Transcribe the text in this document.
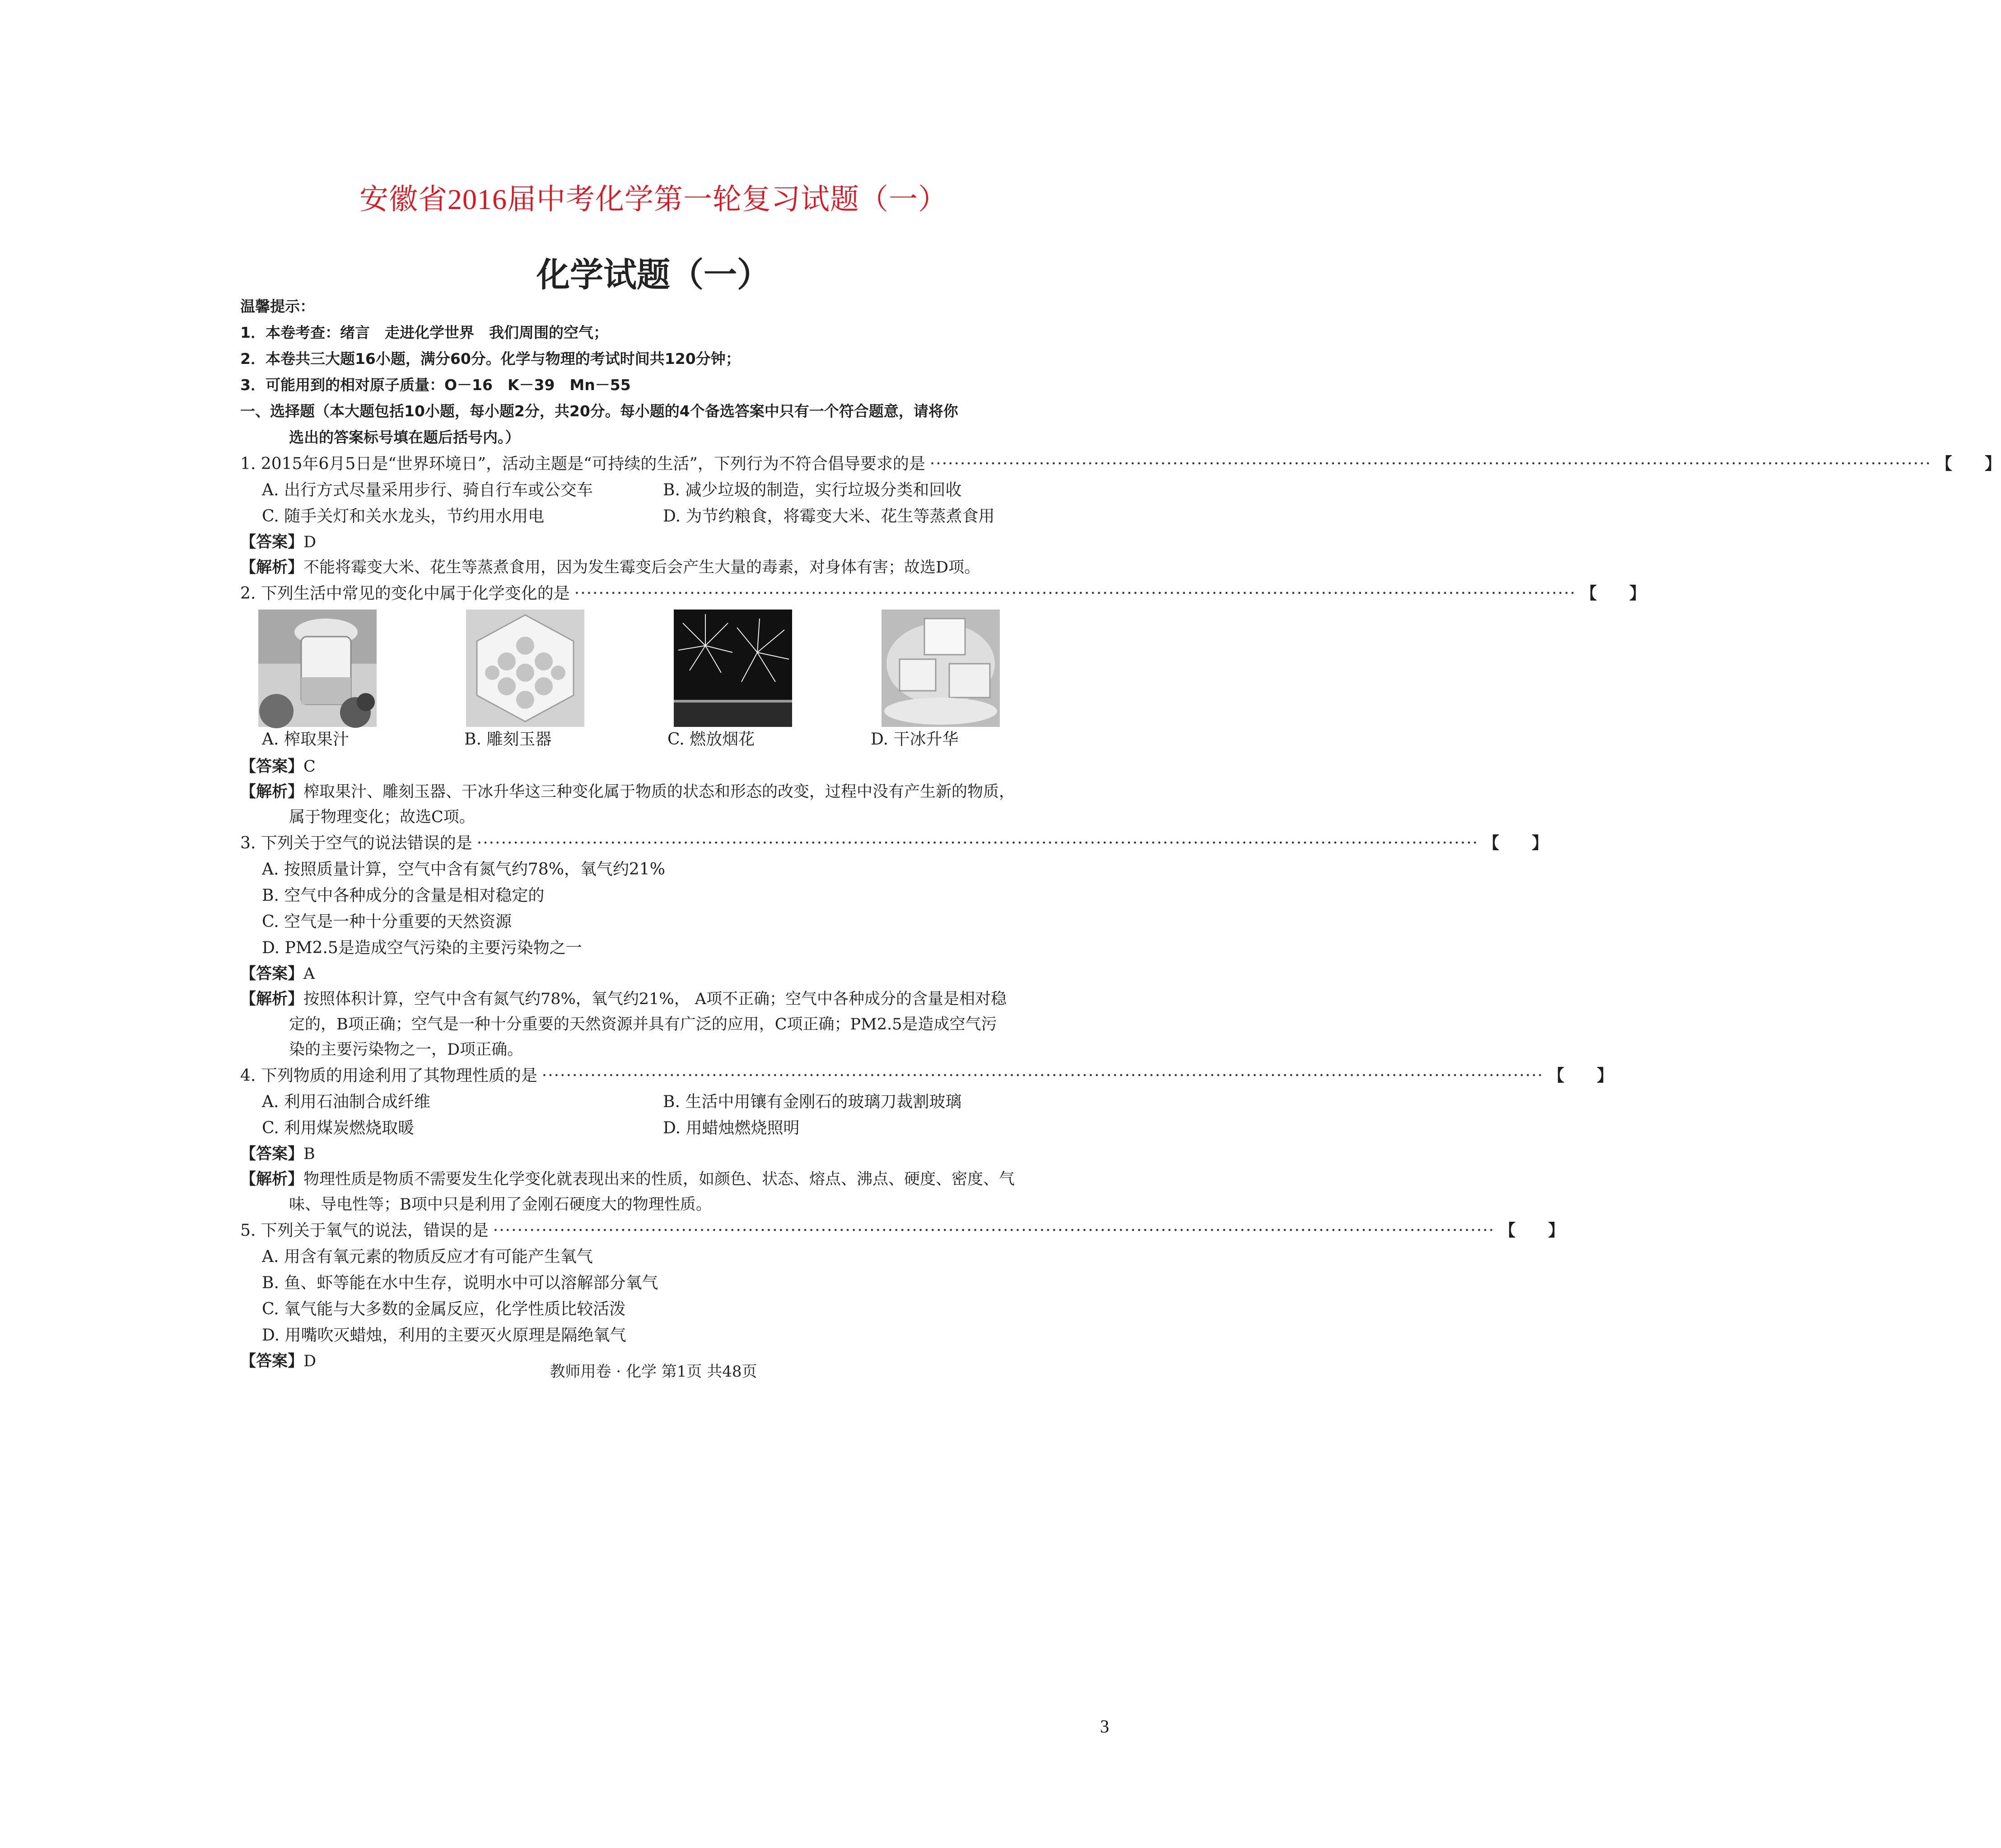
安徽省2016届中考化学第一轮复习试题（一）
化学试题（一）
温馨提示：
1．本卷考查：绪言　走进化学世界　我们周围的空气；
2．本卷共三大题16小题，满分60分。化学与物理的考试时间共120分钟；
3．可能用到的相对原子质量：O－16　K－39　Mn－55
一、选择题（本大题包括10小题，每小题2分，共20分。每小题的4个备选答案中只有一个符合题意，请将你
选出的答案标号填在题后括号内。）
1. 2015年6月5日是“世界环境日”，活动主题是“可持续的生活”，下列行为不符合倡导要求的是 ····································································································································································· 【　　】
A. 出行方式尽量采用步行、骑自行车或公交车	B. 减少垃圾的制造，实行垃圾分类和回收
C. 随手关灯和关水龙头，节约用水用电	D. 为节约粮食，将霉变大米、花生等蒸煮食用
【答案】D
【解析】不能将霉变大米、花生等蒸煮食用，因为发生霉变后会产生大量的毒素，对身体有害；故选D项。
2. 下列生活中常见的变化中属于化学变化的是 ····································································································································································· 【　　】
A. 榨取果汁	B. 雕刻玉器	C. 燃放烟花	D. 干冰升华
【答案】C
【解析】榨取果汁、雕刻玉器、干冰升华这三种变化属于物质的状态和形态的改变，过程中没有产生新的物质，
属于物理变化；故选C项。
3. 下列关于空气的说法错误的是 ····································································································································································· 【　　】
A. 按照质量计算，空气中含有氮气约78%，氧气约21%
B. 空气中各种成分的含量是相对稳定的
C. 空气是一种十分重要的天然资源
D. PM2.5是造成空气污染的主要污染物之一
【答案】A
【解析】按照体积计算，空气中含有氮气约78%，氧气约21%， A项不正确；空气中各种成分的含量是相对稳
定的，B项正确；空气是一种十分重要的天然资源并具有广泛的应用，C项正确；PM2.5是造成空气污
染的主要污染物之一，D项正确。
4. 下列物质的用途利用了其物理性质的是 ····································································································································································· 【　　】
A. 利用石油制合成纤维	B. 生活中用镶有金刚石的玻璃刀裁割玻璃
C. 利用煤炭燃烧取暖	D. 用蜡烛燃烧照明
【答案】B
【解析】物理性质是物质不需要发生化学变化就表现出来的性质，如颜色、状态、熔点、沸点、硬度、密度、气
味、导电性等；B项中只是利用了金刚石硬度大的物理性质。
5. 下列关于氧气的说法，错误的是 ····································································································································································· 【　　】
A. 用含有氧元素的物质反应才有可能产生氧气
B. 鱼、虾等能在水中生存，说明水中可以溶解部分氧气
C. 氧气能与大多数的金属反应，化学性质比较活泼
D. 用嘴吹灭蜡烛，利用的主要灭火原理是隔绝氧气
【答案】D
教师用卷 · 化学 第1页 共48页
3
